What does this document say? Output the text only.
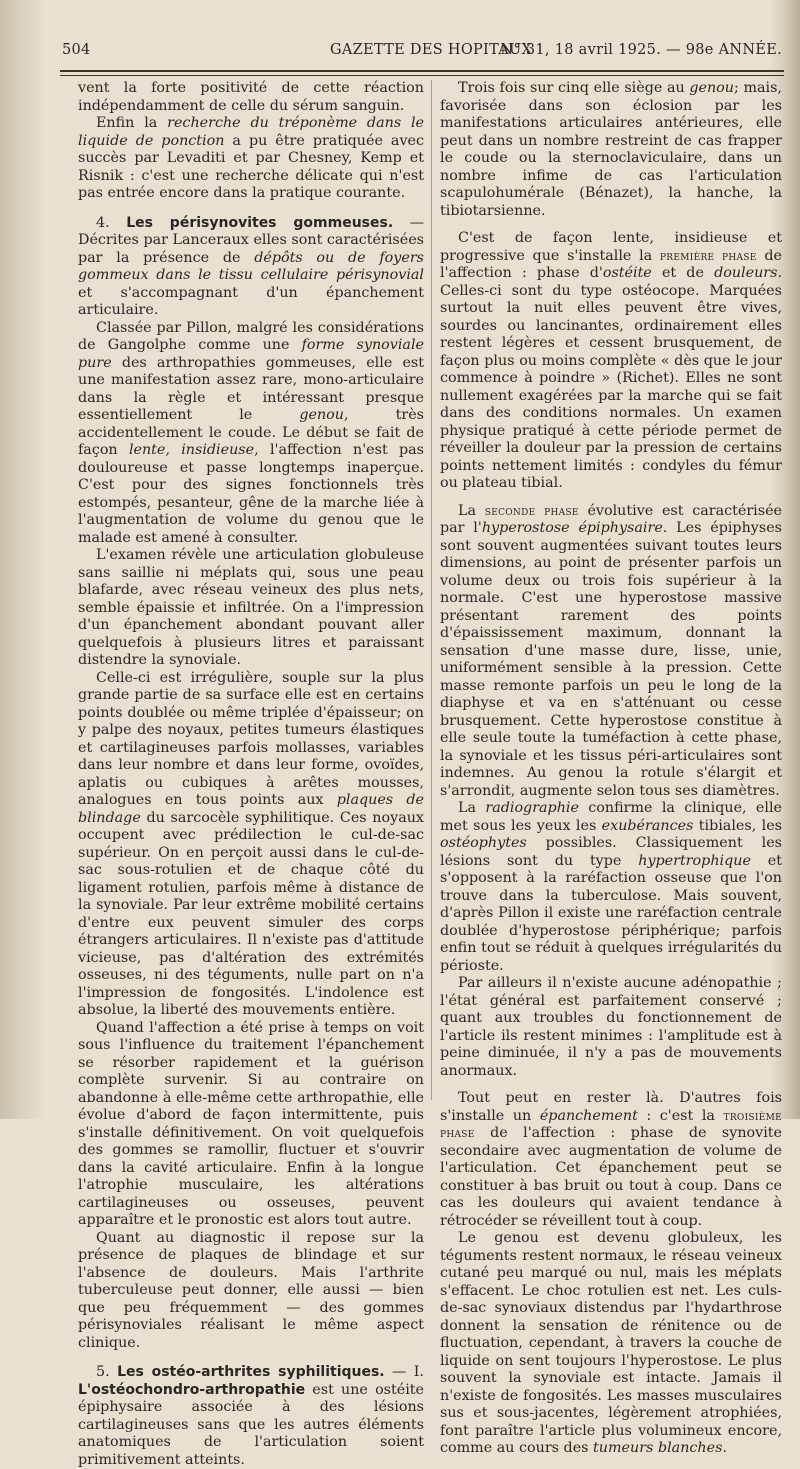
504	GAZETTE DES HOPITAUX
N° 31, 18 avril 1925. — 98e ANNÉE.

vent la forte positivité de cette réaction indépendamment de celle du sérum sanguin.

Enfin la recherche du tréponème dans le liquide de ponction a pu être pratiquée avec succès par Levaditi et par Chesney, Kemp et Risnik : c'est une recherche délicate qui n'est pas entrée encore dans la pratique courante.

4. Les périsynovites gommeuses. — Décrites par Lanceraux elles sont caractérisées par la présence de dépôts ou de foyers gommeux dans le tissu cellulaire périsynovial et s'accompagnant d'un épanchement articulaire.

Classée par Pillon, malgré les considérations de Gangolphe comme une forme synoviale pure des arthropathies gommeuses, elle est une manifestation assez rare, mono-articulaire dans la règle et intéressant presque essentiellement le genou, très accidentellement le coude. Le début se fait de façon lente, insidieuse, l'affection n'est pas douloureuse et passe longtemps inaperçue. C'est pour des signes fonctionnels très estompés, pesanteur, gêne de la marche liée à l'augmentation de volume du genou que le malade est amené à consulter.

L'examen révèle une articulation globuleuse sans saillie ni méplats qui, sous une peau blafarde, avec réseau veineux des plus nets, semble épaissie et infiltrée. On a l'impression d'un épanchement abondant pouvant aller quelquefois à plusieurs litres et paraissant distendre la synoviale.

Celle-ci est irrégulière, souple sur la plus grande partie de sa surface elle est en certains points doublée ou même triplée d'épaisseur; on y palpe des noyaux, petites tumeurs élastiques et cartilagineuses parfois mollasses, variables dans leur nombre et dans leur forme, ovoïdes, aplatis ou cubiques à arêtes mousses, analogues en tous points aux plaques de blindage du sarcocèle syphilitique. Ces noyaux occupent avec prédilection le cul-de-sac supérieur. On en perçoit aussi dans le cul-de-sac sous-rotulien et de chaque côté du ligament rotulien, parfois même à distance de la synoviale. Par leur extrême mobilité certains d'entre eux peuvent simuler des corps étrangers articulaires. Il n'existe pas d'attitude vicieuse, pas d'altération des extrémités osseuses, ni des téguments, nulle part on n'a l'impression de fongosités. L'indolence est absolue, la liberté des mouvements entière.

Quand l'affection a été prise à temps on voit sous l'influence du traitement l'épanchement se résorber rapidement et la guérison complète survenir. Si au contraire on abandonne à elle-même cette arthropathie, elle évolue d'abord de façon intermittente, puis s'installe définitivement. On voit quelquefois des gommes se ramollir, fluctuer et s'ouvrir dans la cavité articulaire. Enfin à la longue l'atrophie musculaire, les altérations cartilagineuses ou osseuses, peuvent apparaître et le pronostic est alors tout autre.

Quant au diagnostic il repose sur la présence de plaques de blindage et sur l'absence de douleurs. Mais l'arthrite tuberculeuse peut donner, elle aussi — bien que peu fréquemment — des gommes périsynoviales réalisant le même aspect clinique.

5. Les ostéo-arthrites syphilitiques. — I. L'ostéochondro-arthropathie est une ostéite épiphysaire associée à des lésions cartilagineuses sans que les autres éléments anatomiques de l'articulation soient primitivement atteints.

Trois fois sur cinq elle siège au genou; mais, favorisée dans son éclosion par les manifestations articulaires antérieures, elle peut dans un nombre restreint de cas frapper le coude ou la sternoclaviculaire, dans un nombre infime de cas l'articulation scapulohumérale (Bénazet), la hanche, la tibiotarsienne.

C'est de façon lente, insidieuse et progressive que s'installe la première phase de l'affection : phase d'ostéite et de douleurs. Celles-ci sont du type ostéocope. Marquées surtout la nuit elles peuvent être vives, sourdes ou lancinantes, ordinairement elles restent légères et cessent brusquement, de façon plus ou moins complète « dès que le jour commence à poindre » (Richet). Elles ne sont nullement exagérées par la marche qui se fait dans des conditions normales. Un examen physique pratiqué à cette période permet de réveiller la douleur par la pression de certains points nettement limités : condyles du fémur ou plateau tibial.

La seconde phase évolutive est caractérisée par l'hyperostose épiphysaire. Les épiphyses sont souvent augmentées suivant toutes leurs dimensions, au point de présenter parfois un volume deux ou trois fois supérieur à la normale. C'est une hyperostose massive présentant rarement des points d'épaississement maximum, donnant la sensation d'une masse dure, lisse, unie, uniformément sensible à la pression. Cette masse remonte parfois un peu le long de la diaphyse et va en s'atténuant ou cesse brusquement. Cette hyperostose constitue à elle seule toute la tuméfaction à cette phase, la synoviale et les tissus péri-articulaires sont indemnes. Au genou la rotule s'élargit et s'arrondit, augmente selon tous ses diamètres.

La radiographie confirme la clinique, elle met sous les yeux les exubérances tibiales, les ostéophytes possibles. Classiquement les lésions sont du type hypertrophique et s'opposent à la raréfaction osseuse que l'on trouve dans la tuberculose. Mais souvent, d'après Pillon il existe une raréfaction centrale doublée d'hyperostose périphérique; parfois enfin tout se réduit à quelques irrégularités du périoste.

Par ailleurs il n'existe aucune adénopathie ; l'état général est parfaitement conservé ; quant aux troubles du fonctionnement de l'article ils restent minimes : l'amplitude est à peine diminuée, il n'y a pas de mouvements anormaux.

Tout peut en rester là. D'autres fois s'installe un épanchement : c'est la troisième phase de l'affection : phase de synovite secondaire avec augmentation de volume de l'articulation. Cet épanchement peut se constituer à bas bruit ou tout à coup. Dans ce cas les douleurs qui avaient tendance à rétrocéder se réveillent tout à coup.

Le genou est devenu globuleux, les téguments restent normaux, le réseau veineux cutané peu marqué ou nul, mais les méplats s'effacent. Le choc rotulien est net. Les culs-de-sac synoviaux distendus par l'hydarthrose donnent la sensation de rénitence ou de fluctuation, cependant, à travers la couche de liquide on sent toujours l'hyperostose. Le plus souvent la synoviale est intacte. Jamais il n'existe de fongosités. Les masses musculaires sus et sous-jacentes, légèrement atrophiées, font paraître l'article plus volumineux encore, comme au cours des tumeurs blanches.
